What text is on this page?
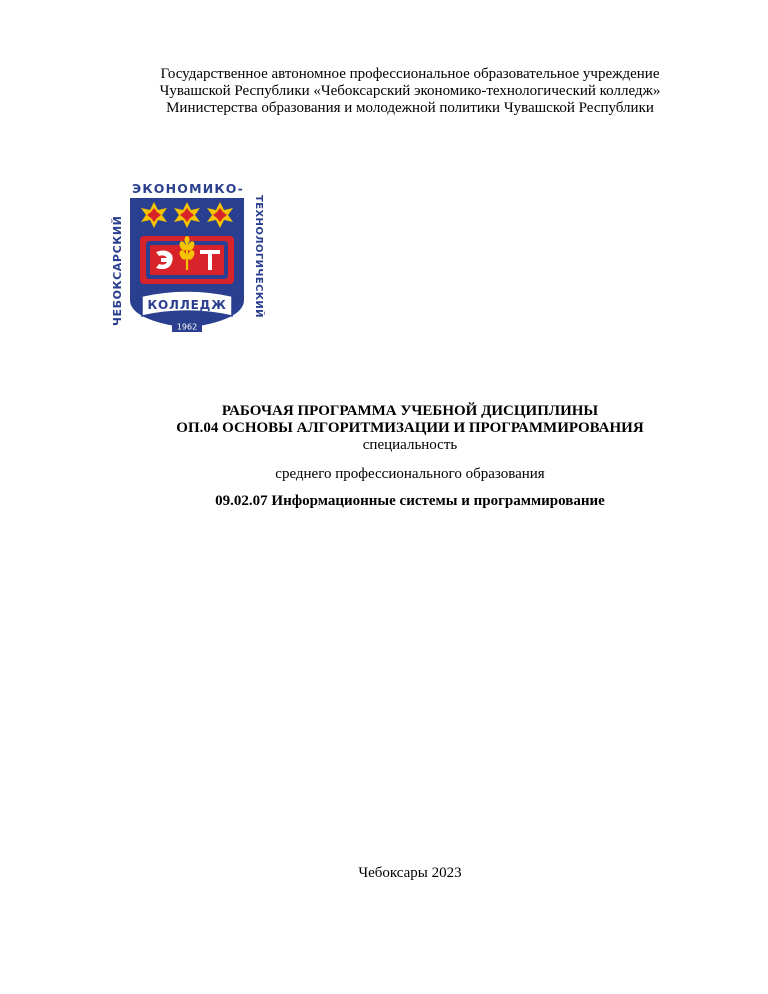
Государственное автономное профессиональное образовательное учреждение
Чувашской Республики «Чебоксарский экономико-технологический колледж»
Министерства образования и молодежной политики Чувашской Республики
ЭКОНОМИКО-
ЧЕБОКСАРСКИЙ	ТЕХНОЛОГИЧЕСКИЙ
КОЛЛЕДЖ
1962
РАБОЧАЯ ПРОГРАММА УЧЕБНОЙ ДИСЦИПЛИНЫ
ОП.04 ОСНОВЫ АЛГОРИТМИЗАЦИИ И ПРОГРАММИРОВАНИЯ
специальность
среднего профессионального образования
09.02.07 Информационные системы и программирование
Чебоксары 2023
